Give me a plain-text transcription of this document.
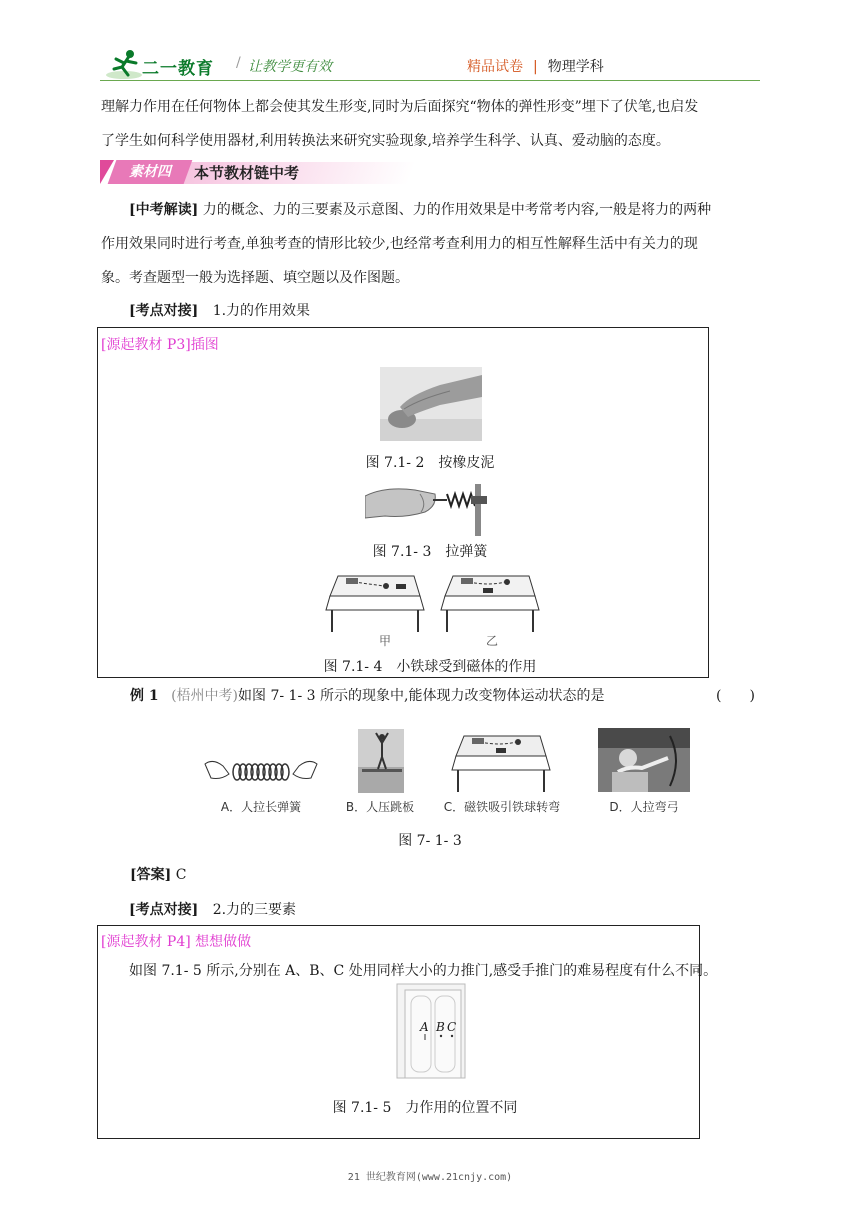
二一教育 / 让教学更有效	精品试卷 | 物理学科
理解力作用在任何物体上都会使其发生形变,同时为后面探究“物体的弹性形变”埋下了伏笔,也启发
了学生如何科学使用器材,利用转换法来研究实验现象,培养学生科学、认真、爱动脑的态度。
素材四	本节教材链中考
[中考解读] 力的概念、力的三要素及示意图、力的作用效果是中考常考内容,一般是将力的两种
作用效果同时进行考查,单独考查的情形比较少,也经常考查利用力的相互性解释生活中有关力的现
象。考查题型一般为选择题、填空题以及作图题。
[考点对接] 1.力的作用效果
[源起教材 P3]插图
图 7.1- 2　按橡皮泥
图 7.1- 3　拉弹簧
甲	乙
图 7.1- 4　小铁球受到磁体的作用
例 1 (梧州中考)如图 7- 1- 3 所示的现象中,能体现力改变物体运动状态的是	(　　)
A．人拉长弹簧	B．人压跳板	C．磁铁吸引铁球转弯	D．人拉弯弓
图 7- 1- 3
[答案] C
[考点对接] 2.力的三要素
[源起教材 P4] 想想做做
如图 7.1- 5 所示,分别在 A、B、C 处用同样大小的力推门,感受手推门的难易程度有什么不同。
A B C
图 7.1- 5　力作用的位置不同
21 世纪教育网(www.21cnjy.com)
